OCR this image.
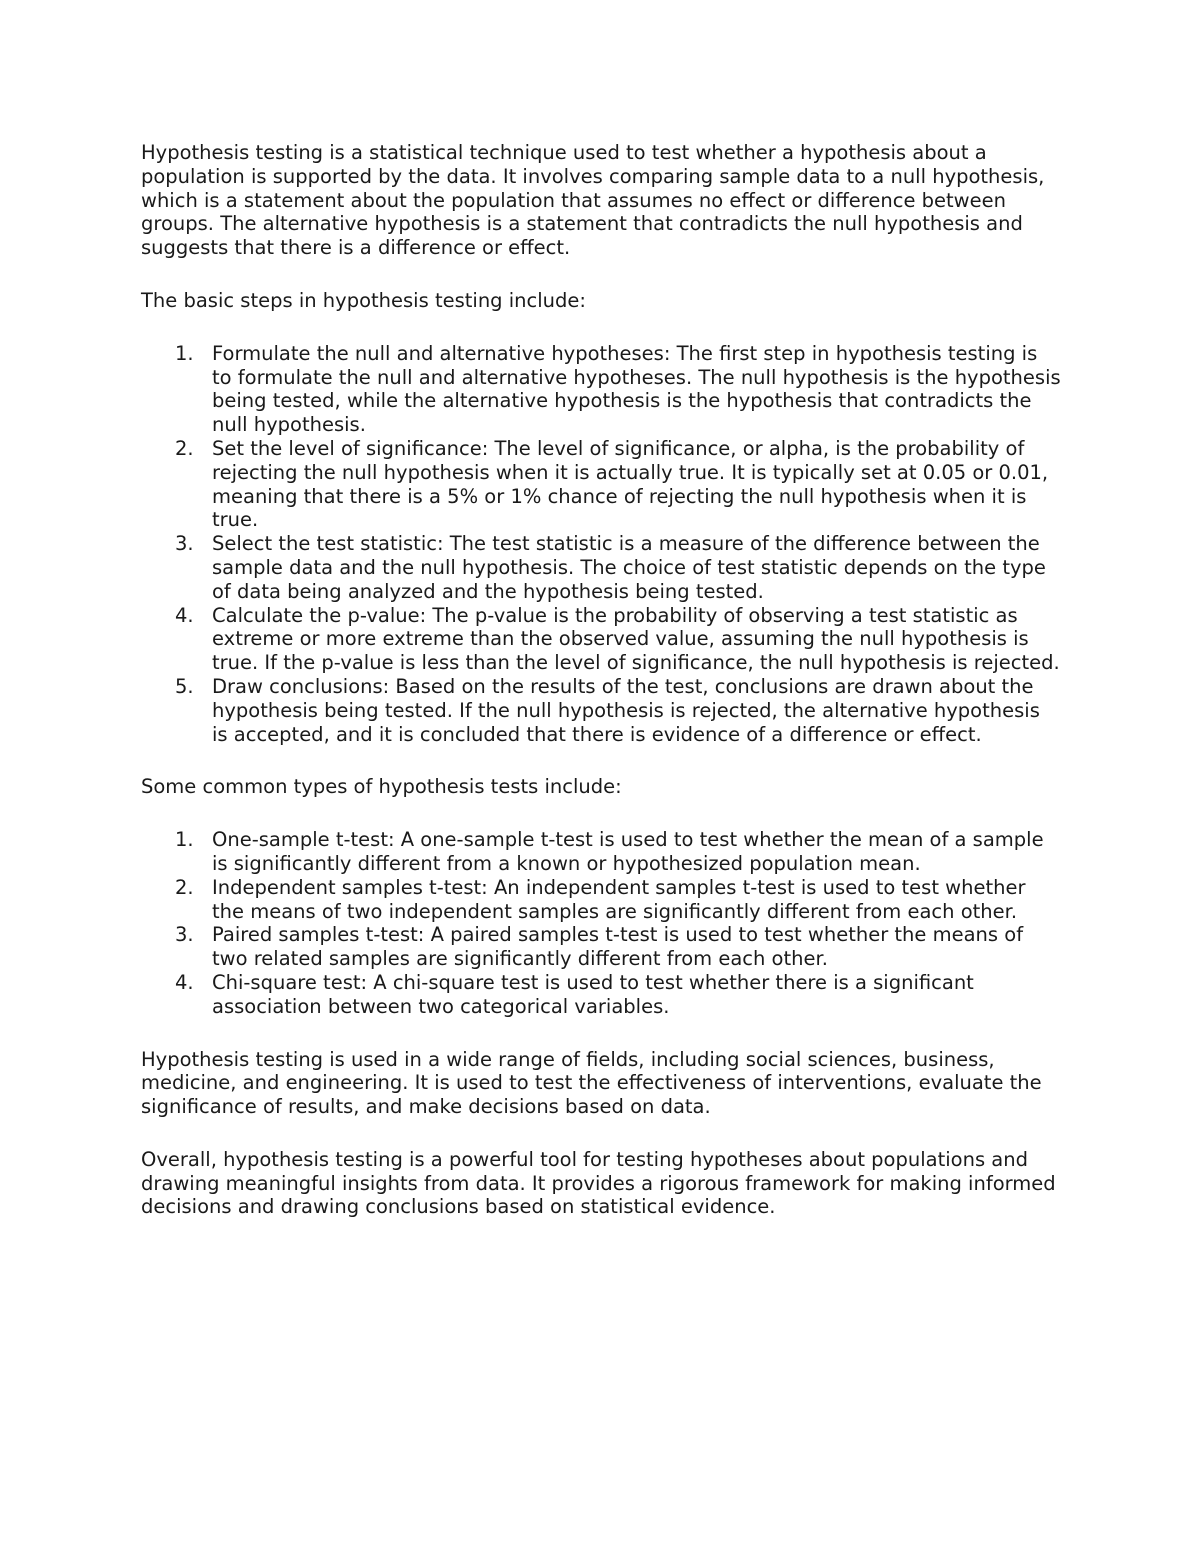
Hypothesis testing is a statistical technique used to test whether a hypothesis about a population is supported by the data. It involves comparing sample data to a null hypothesis, which is a statement about the population that assumes no effect or difference between groups. The alternative hypothesis is a statement that contradicts the null hypothesis and suggests that there is a difference or effect.

The basic steps in hypothesis testing include:

1. Formulate the null and alternative hypotheses: The first step in hypothesis testing is to formulate the null and alternative hypotheses. The null hypothesis is the hypothesis being tested, while the alternative hypothesis is the hypothesis that contradicts the null hypothesis.
2. Set the level of significance: The level of significance, or alpha, is the probability of rejecting the null hypothesis when it is actually true. It is typically set at 0.05 or 0.01, meaning that there is a 5% or 1% chance of rejecting the null hypothesis when it is true.
3. Select the test statistic: The test statistic is a measure of the difference between the sample data and the null hypothesis. The choice of test statistic depends on the type of data being analyzed and the hypothesis being tested.
4. Calculate the p-value: The p-value is the probability of observing a test statistic as extreme or more extreme than the observed value, assuming the null hypothesis is true. If the p-value is less than the level of significance, the null hypothesis is rejected.
5. Draw conclusions: Based on the results of the test, conclusions are drawn about the hypothesis being tested. If the null hypothesis is rejected, the alternative hypothesis is accepted, and it is concluded that there is evidence of a difference or effect.

Some common types of hypothesis tests include:

1. One-sample t-test: A one-sample t-test is used to test whether the mean of a sample is significantly different from a known or hypothesized population mean.
2. Independent samples t-test: An independent samples t-test is used to test whether the means of two independent samples are significantly different from each other.
3. Paired samples t-test: A paired samples t-test is used to test whether the means of two related samples are significantly different from each other.
4. Chi-square test: A chi-square test is used to test whether there is a significant association between two categorical variables.

Hypothesis testing is used in a wide range of fields, including social sciences, business, medicine, and engineering. It is used to test the effectiveness of interventions, evaluate the significance of results, and make decisions based on data.

Overall, hypothesis testing is a powerful tool for testing hypotheses about populations and drawing meaningful insights from data. It provides a rigorous framework for making informed decisions and drawing conclusions based on statistical evidence.
